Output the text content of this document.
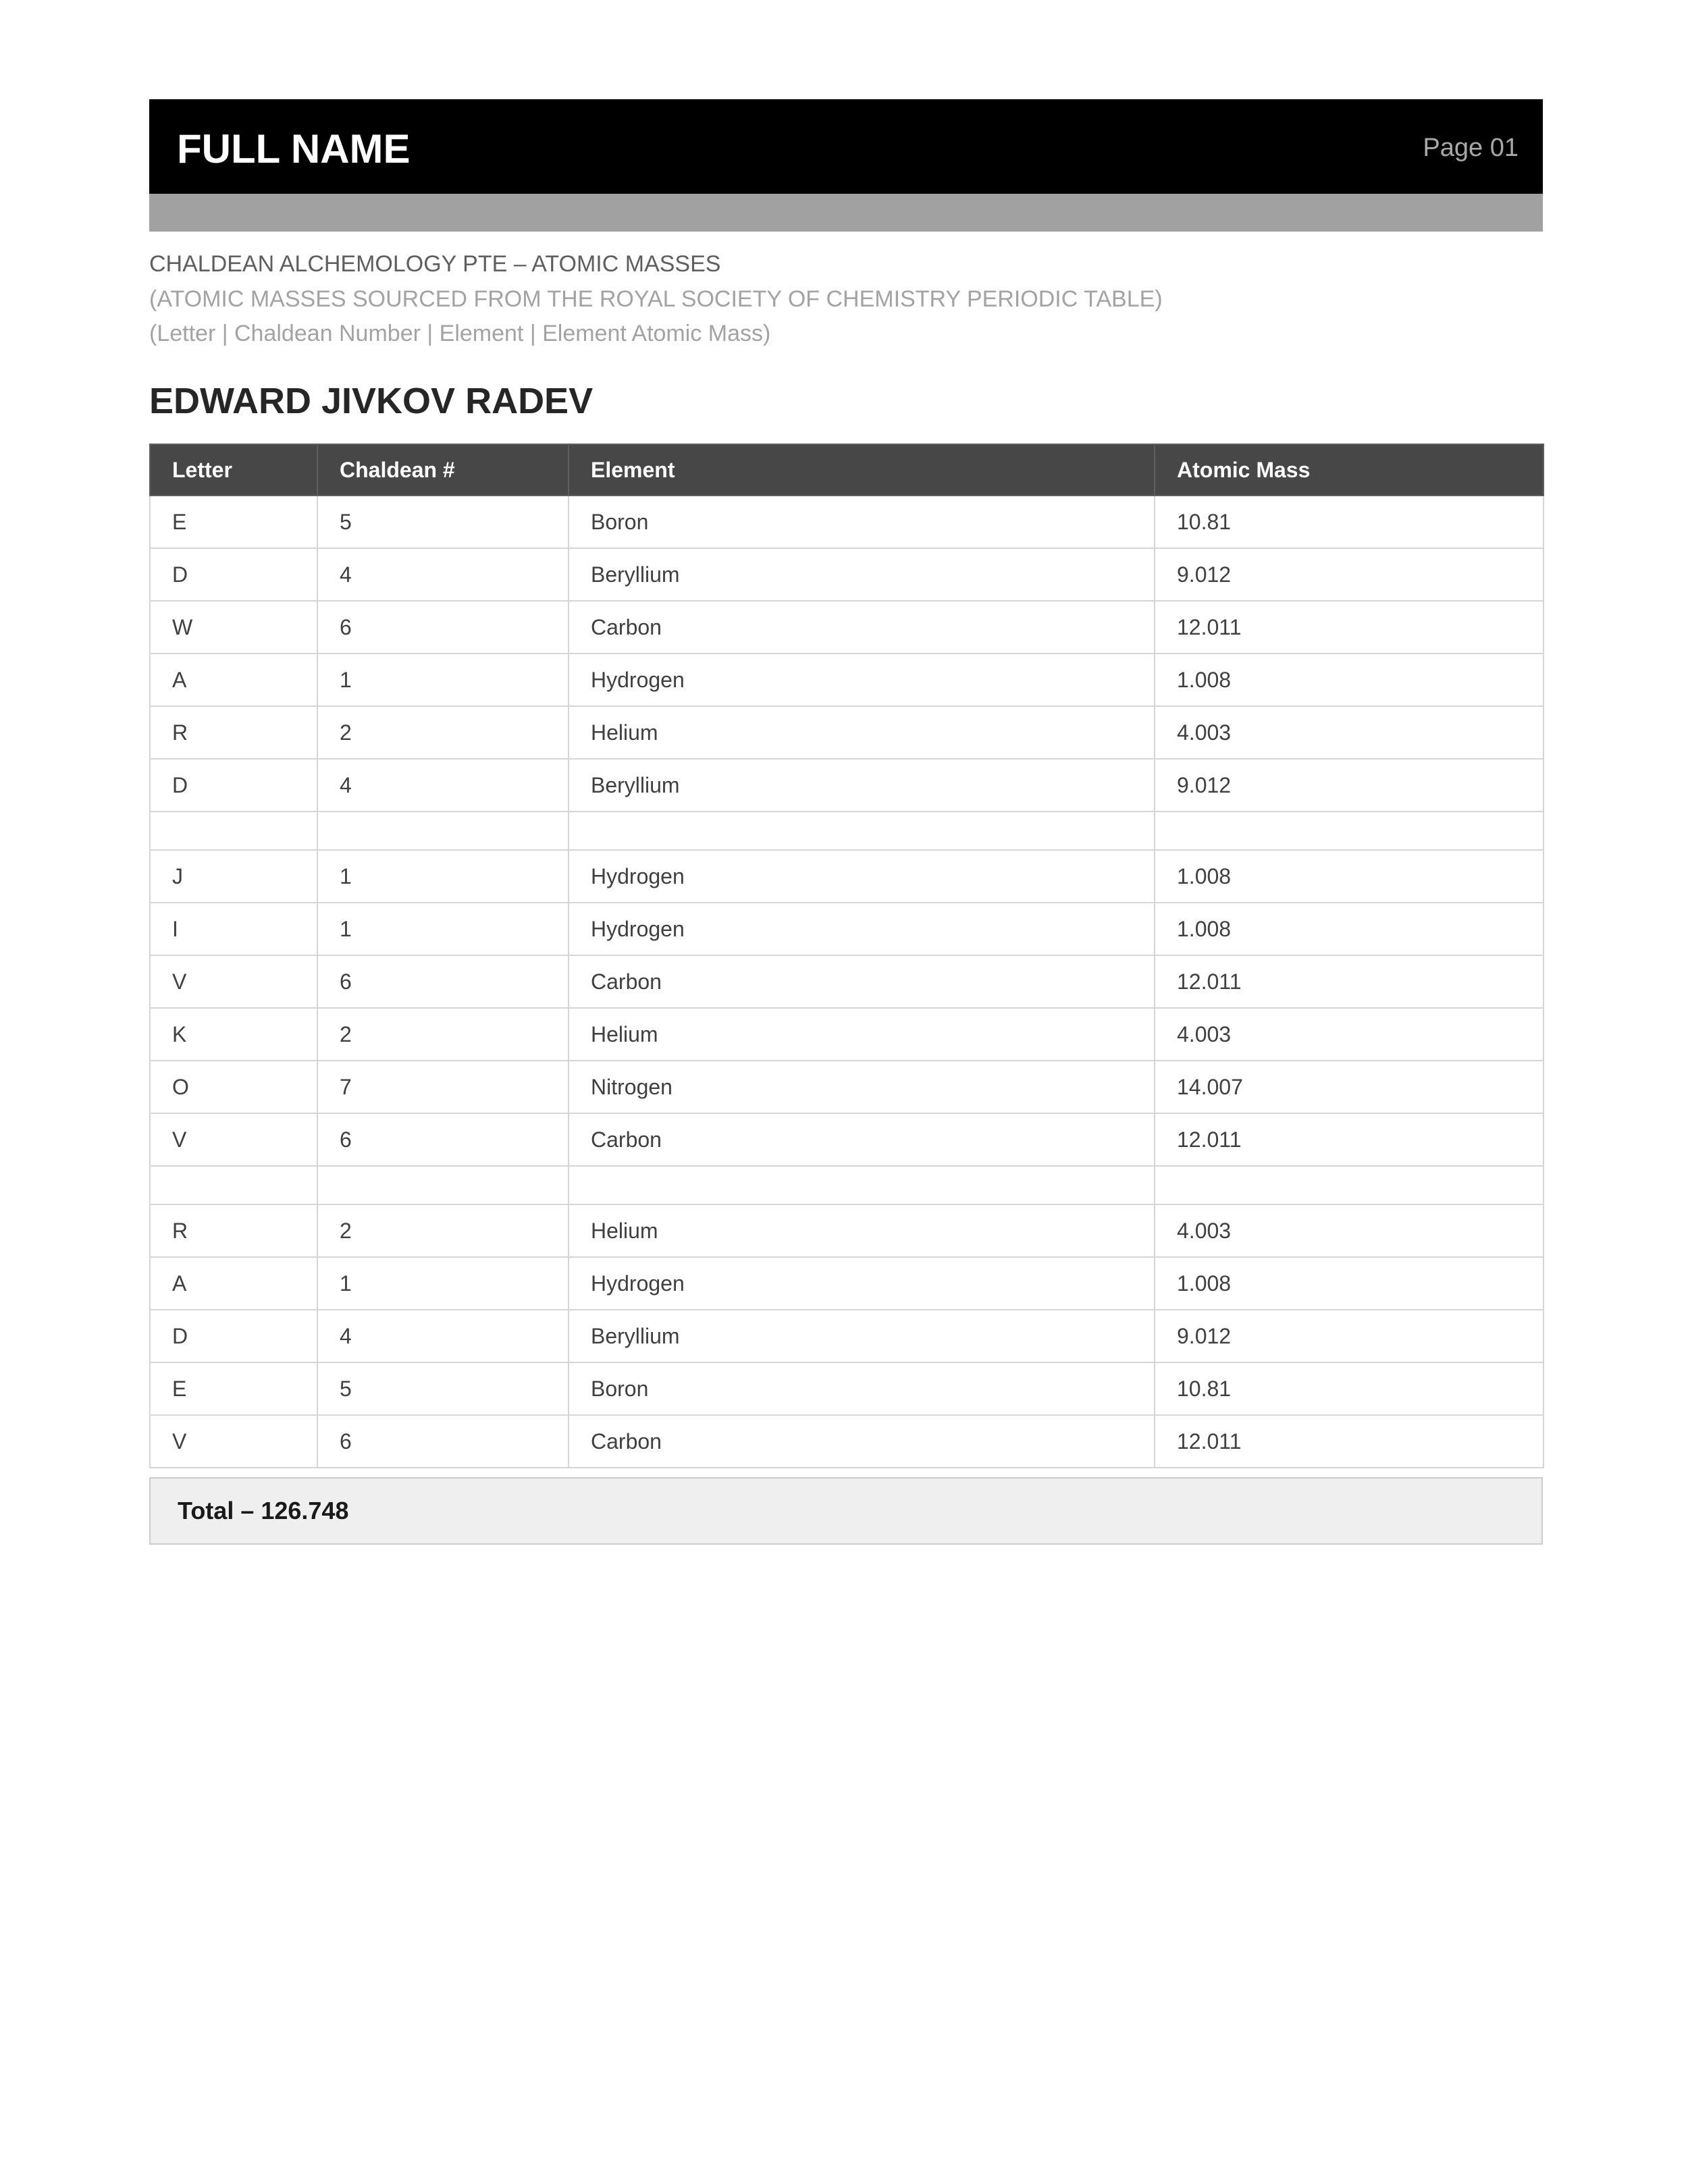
FULL NAME	Page 01
CHALDEAN ALCHEMOLOGY PTE – ATOMIC MASSES
(ATOMIC MASSES SOURCED FROM THE ROYAL SOCIETY OF CHEMISTRY PERIODIC TABLE)
(Letter | Chaldean Number | Element | Element Atomic Mass)
EDWARD JIVKOV RADEV
Letter	Chaldean #	Element	Atomic Mass
E	5	Boron	10.81
D	4	Beryllium	9.012
W	6	Carbon	12.011
A	1	Hydrogen	1.008
R	2	Helium	4.003
D	4	Beryllium	9.012

J	1	Hydrogen	1.008
I	1	Hydrogen	1.008
V	6	Carbon	12.011
K	2	Helium	4.003
O	7	Nitrogen	14.007
V	6	Carbon	12.011

R	2	Helium	4.003
A	1	Hydrogen	1.008
D	4	Beryllium	9.012
E	5	Boron	10.81
V	6	Carbon	12.011
Total – 126.748
